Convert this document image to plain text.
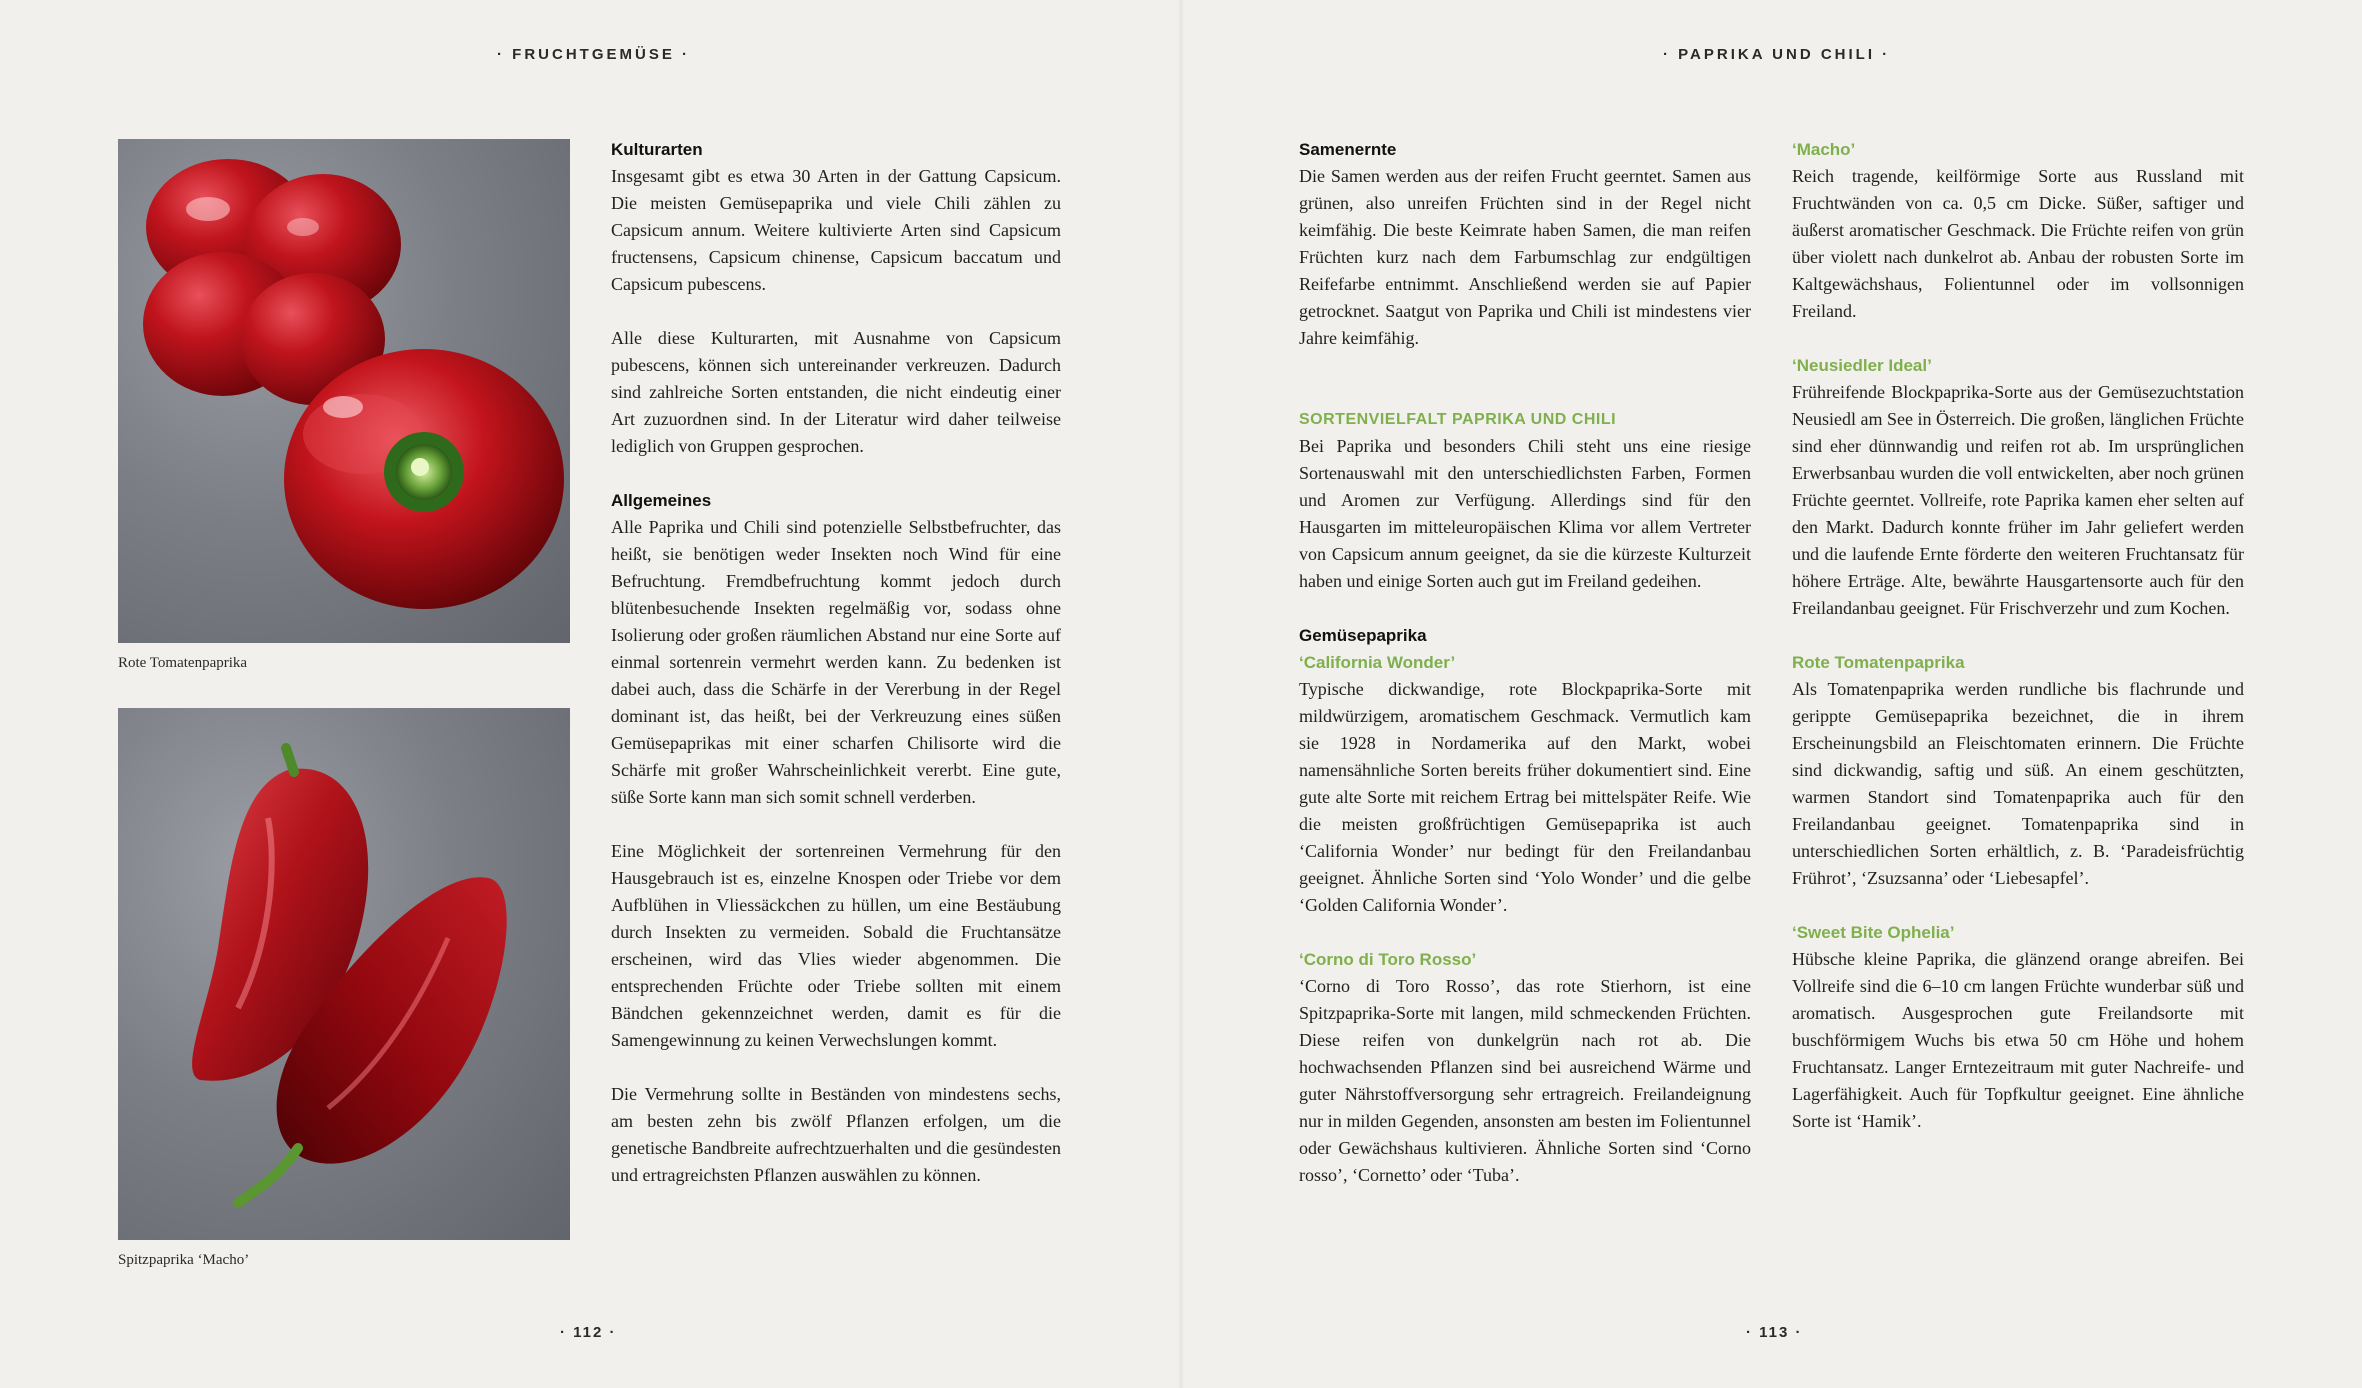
· FRUCHTGEMÜSE ·
Rote Tomatenpaprika
Spitzpaprika ‘Macho’
Kulturarten

Insgesamt gibt es etwa 30 Arten in der Gattung Capsicum. Die meisten Gemüsepaprika und viele Chili zählen zu Capsicum annum. Weitere kultivierte Arten sind Capsicum fructensens, Capsicum chinense, Capsicum baccatum und Capsicum pubescens.

Alle diese Kulturarten, mit Ausnahme von Capsicum pubescens, können sich untereinander verkreuzen. Dadurch sind zahlreiche Sorten entstanden, die nicht eindeutig einer Art zuzuordnen sind. In der Literatur wird daher teilweise lediglich von Gruppen gesprochen.

Allgemeines

Alle Paprika und Chili sind potenzielle Selbstbefruchter, das heißt, sie benötigen weder Insekten noch Wind für eine Befruchtung. Fremdbefruchtung kommt jedoch durch blütenbesuchende Insekten regelmäßig vor, sodass ohne Isolierung oder großen räumlichen Abstand nur eine Sorte auf einmal sortenrein vermehrt werden kann. Zu bedenken ist dabei auch, dass die Schärfe in der Vererbung in der Regel dominant ist, das heißt, bei der Verkreuzung eines süßen Gemüsepaprikas mit einer scharfen Chilisorte wird die Schärfe mit großer Wahrscheinlichkeit vererbt. Eine gute, süße Sorte kann man sich somit schnell verderben.

Eine Möglichkeit der sortenreinen Vermehrung für den Hausgebrauch ist es, einzelne Knospen oder Triebe vor dem Aufblühen in Vliessäckchen zu hüllen, um eine Bestäubung durch Insekten zu vermeiden. Sobald die Fruchtansätze erscheinen, wird das Vlies wieder abgenommen. Die entsprechenden Früchte oder Triebe sollten mit einem Bändchen gekennzeichnet werden, damit es für die Samengewinnung zu keinen Verwechslungen kommt.

Die Vermehrung sollte in Beständen von mindestens sechs, am besten zehn bis zwölf Pflanzen erfolgen, um die genetische Bandbreite aufrechtzuerhalten und die gesündesten und ertragreichsten Pflanzen auswählen zu können.

· 112 ·
· PAPRIKA UND CHILI ·
Samenernte

Die Samen werden aus der reifen Frucht geerntet. Samen aus grünen, also unreifen Früchten sind in der Regel nicht keimfähig. Die beste Keimrate haben Samen, die man reifen Früchten kurz nach dem Farbumschlag zur endgültigen Reifefarbe entnimmt. Anschließend werden sie auf Papier getrocknet. Saatgut von Paprika und Chili ist mindestens vier Jahre keimfähig.

SORTENVIELFALT PAPRIKA UND CHILI

Bei Paprika und besonders Chili steht uns eine riesige Sortenauswahl mit den unterschiedlichsten Farben, Formen und Aromen zur Verfügung. Allerdings sind für den Hausgarten im mitteleuropäischen Klima vor allem Vertreter von Capsicum annum geeignet, da sie die kürzeste Kulturzeit haben und einige Sorten auch gut im Freiland gedeihen.

Gemüsepaprika
‘California Wonder’

Typische dickwandige, rote Blockpaprika-Sorte mit mildwürzigem, aromatischem Geschmack. Vermutlich kam sie 1928 in Nordamerika auf den Markt, wobei namensähnliche Sorten bereits früher dokumentiert sind. Eine gute alte Sorte mit reichem Ertrag bei mittelspäter Reife. Wie die meisten großfrüchtigen Gemüsepaprika ist auch ‘California Wonder’ nur bedingt für den Freilandanbau geeignet. Ähnliche Sorten sind ‘Yolo Wonder’ und die gelbe ‘Golden California Wonder’.

‘Corno di Toro Rosso’

‘Corno di Toro Rosso’, das rote Stierhorn, ist eine Spitzpaprika-Sorte mit langen, mild schmeckenden Früchten. Diese reifen von dunkelgrün nach rot ab. Die hochwachsenden Pflanzen sind bei ausreichend Wärme und guter Nährstoffversorgung sehr ertragreich. Freilandeignung nur in milden Gegenden, ansonsten am besten im Folientunnel oder Gewächshaus kultivieren. Ähnliche Sorten sind ‘Corno rosso’, ‘Cornetto’ oder ‘Tuba’.

‘Macho’

Reich tragende, keilförmige Sorte aus Russland mit Fruchtwänden von ca. 0,5 cm Dicke. Süßer, saftiger und äußerst aromatischer Geschmack. Die Früchte reifen von grün über violett nach dunkelrot ab. Anbau der robusten Sorte im Kaltgewächshaus, Folientunnel oder im vollsonnigen Freiland.

‘Neusiedler Ideal’

Frühreifende Blockpaprika-Sorte aus der Gemüsezuchtstation Neusiedl am See in Österreich. Die großen, länglichen Früchte sind eher dünnwandig und reifen rot ab. Im ursprünglichen Erwerbsanbau wurden die voll entwickelten, aber noch grünen Früchte geerntet. Vollreife, rote Paprika kamen eher selten auf den Markt. Dadurch konnte früher im Jahr geliefert werden und die laufende Ernte förderte den weiteren Fruchtansatz für höhere Erträge. Alte, bewährte Hausgartensorte auch für den Freilandanbau geeignet. Für Frischverzehr und zum Kochen.

Rote Tomatenpaprika

Als Tomatenpaprika werden rundliche bis flachrunde und gerippte Gemüsepaprika bezeichnet, die in ihrem Erscheinungsbild an Fleischtomaten erinnern. Die Früchte sind dickwandig, saftig und süß. An einem geschützten, warmen Standort sind Tomatenpaprika auch für den Freilandanbau geeignet. Tomatenpaprika sind in unterschiedlichen Sorten erhältlich, z. B. ‘Paradeisfrüchtig Frührot’, ‘Zsuzsanna’ oder ‘Liebesapfel’.

‘Sweet Bite Ophelia’

Hübsche kleine Paprika, die glänzend orange abreifen. Bei Vollreife sind die 6–10 cm langen Früchte wunderbar süß und aromatisch. Ausgesprochen gute Freilandsorte mit buschförmigem Wuchs bis etwa 50 cm Höhe und hohem Fruchtansatz. Langer Erntezeitraum mit guter Nachreife- und Lagerfähigkeit. Auch für Topfkultur geeignet. Eine ähnliche Sorte ist ‘Hamik’.

· 113 ·
